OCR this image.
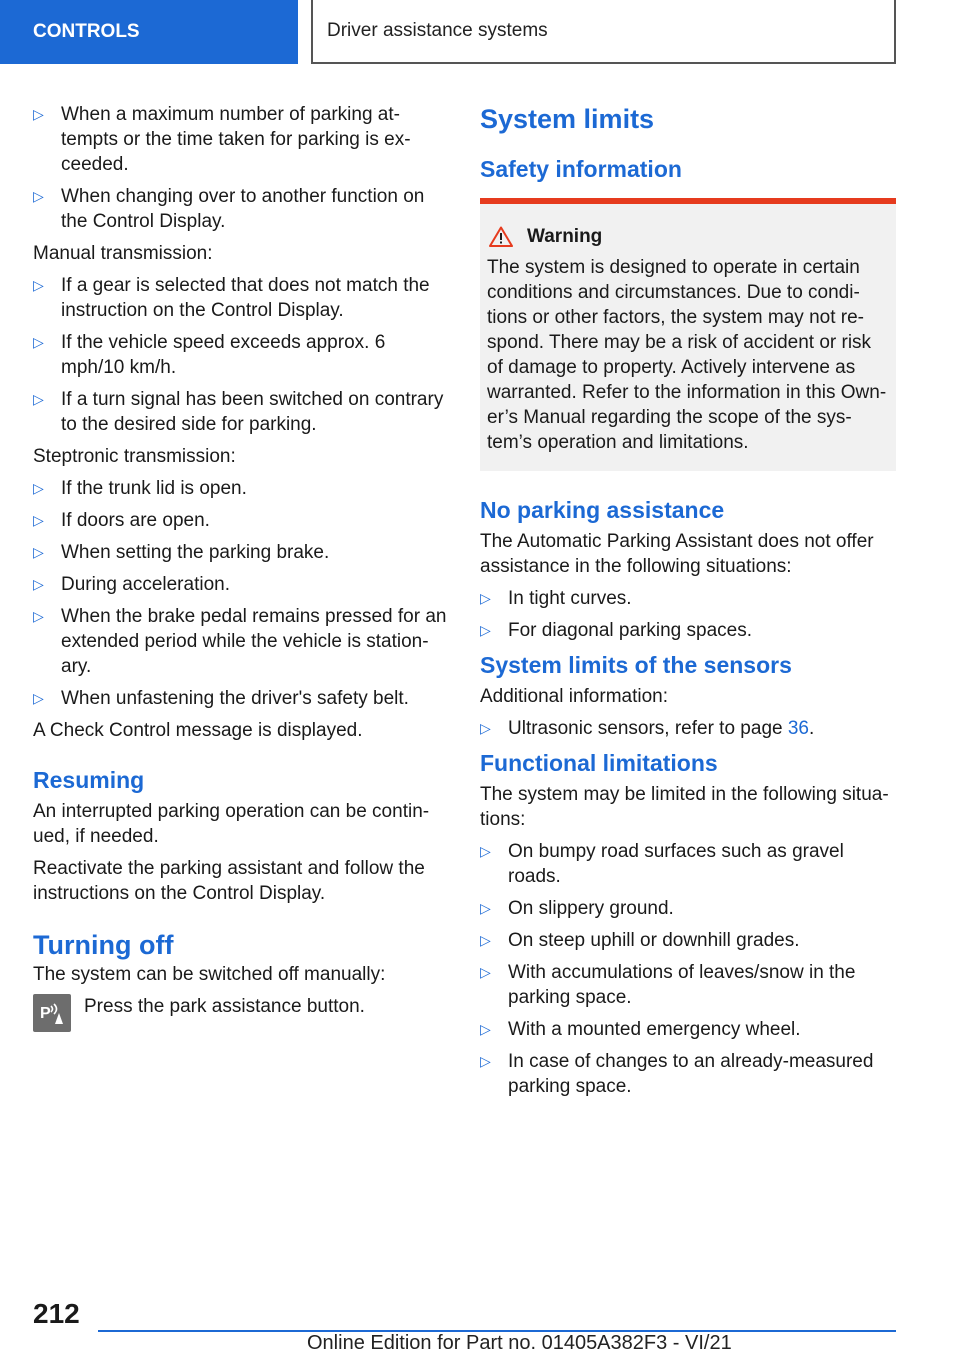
CONTROLS	Driver assistance systems
▷ When a maximum number of parking attempts or the time taken for parking is exceeded.
▷ When changing over to another function on the Control Display.

Manual transmission:

▷ If a gear is selected that does not match the instruction on the Control Display.
▷ If the vehicle speed exceeds approx. 6 mph/10 km/h.
▷ If a turn signal has been switched on contrary to the desired side for parking.

Steptronic transmission:

▷ If the trunk lid is open.
▷ If doors are open.
▷ When setting the parking brake.
▷ During acceleration.
▷ When the brake pedal remains pressed for an extended period while the vehicle is stationary.
▷ When unfastening the driver's safety belt.

A Check Control message is displayed.

Resuming

An interrupted parking operation can be continued, if needed.

Reactivate the parking assistant and follow the instructions on the Control Display.

Turning off

The system can be switched off manually:

P Press the park assistance button.
System limits
Safety information
Warning
The system is designed to operate in certain conditions and circumstances. Due to conditions or other factors, the system may not respond. There may be a risk of accident or risk of damage to property. Actively intervene as warranted. Refer to the information in this Owner’s Manual regarding the scope of the system’s operation and limitations.
No parking assistance

The Automatic Parking Assistant does not offer assistance in the following situations:

▷ In tight curves.
▷ For diagonal parking spaces.
System limits of the sensors

Additional information:

▷ Ultrasonic sensors, refer to page 36.
Functional limitations

The system may be limited in the following situations:

▷ On bumpy road surfaces such as gravel roads.
▷ On slippery ground.
▷ On steep uphill or downhill grades.
▷ With accumulations of leaves/snow in the parking space.
▷ With a mounted emergency wheel.
▷ In case of changes to an already-measured parking space.
212
Online Edition for Part no. 01405A382F3 - VI/21
